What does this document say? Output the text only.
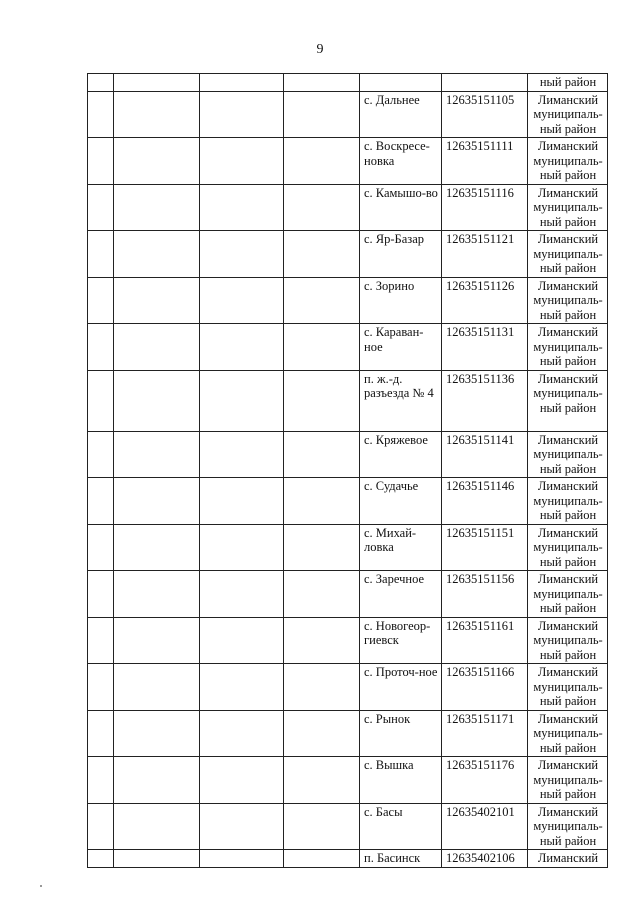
9
						ный район
				с. Дальнее	12635151105	Лиманский муниципаль-ный район
				с. Воскресе-новка	12635151111	Лиманский муниципаль-ный район
				с. Камышо-во	12635151116	Лиманский муниципаль-ный район
				с. Яр-Базар	12635151121	Лиманский муниципаль-ный район
				с. Зорино	12635151126	Лиманский муниципаль-ный район
				с. Караван-ное	12635151131	Лиманский муниципаль-ный район
				п. ж.-д. разъезда № 4	12635151136	Лиманский муниципаль-ный район
				с. Кряжевое	12635151141	Лиманский муниципаль-ный район
				с. Судачье	12635151146	Лиманский муниципаль-ный район
				с. Михай-ловка	12635151151	Лиманский муниципаль-ный район
				с. Заречное	12635151156	Лиманский муниципаль-ный район
				с. Новогеор-гиевск	12635151161	Лиманский муниципаль-ный район
				с. Проточ-ное	12635151166	Лиманский муниципаль-ный район
				с. Рынок	12635151171	Лиманский муниципаль-ный район
				с. Вышка	12635151176	Лиманский муниципаль-ный район
				с. Басы	12635402101	Лиманский муниципаль-ный район
				п. Басинск	12635402106	Лиманский
